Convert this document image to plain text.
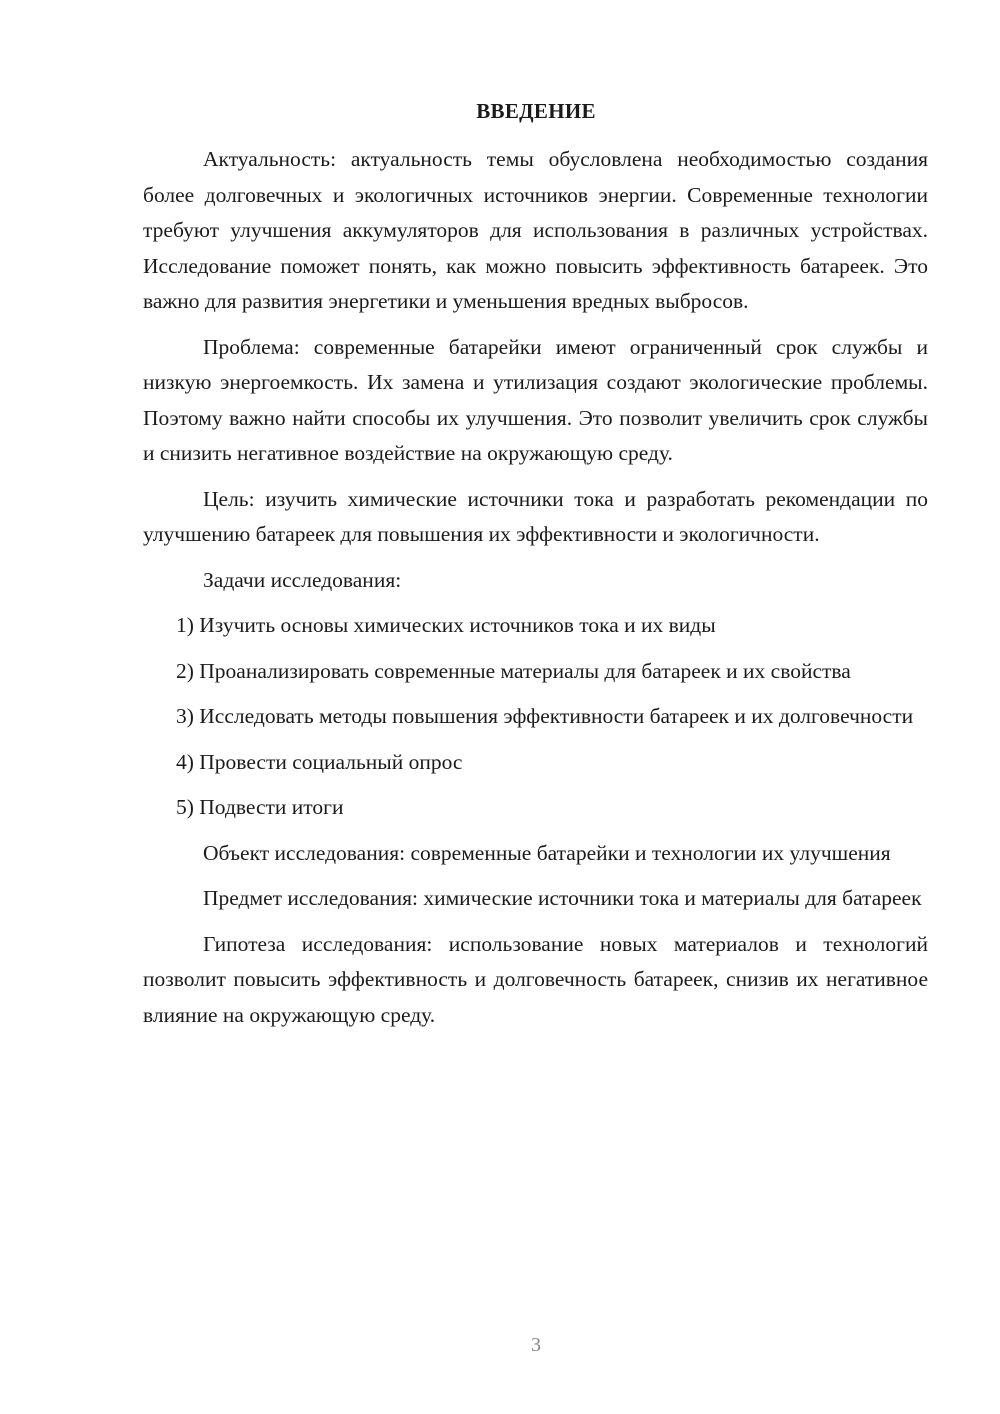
ВВЕДЕНИЕ

Актуальность: актуальность темы обусловлена необходимостью создания более долговечных и экологичных источников энергии. Современные технологии требуют улучшения аккумуляторов для использования в различных устройствах. Исследование поможет понять, как можно повысить эффективность батареек. Это важно для развития энергетики и уменьшения вредных выбросов.

Проблема: современные батарейки имеют ограниченный срок службы и низкую энергоемкость. Их замена и утилизация создают экологические проблемы. Поэтому важно найти способы их улучшения. Это позволит увеличить срок службы и снизить негативное воздействие на окружающую среду.

Цель: изучить химические источники тока и разработать рекомендации по улучшению батареек для повышения их эффективности и экологичности.

Задачи исследования:

1) Изучить основы химических источников тока и их виды

2) Проанализировать современные материалы для батареек и их свойства

3) Исследовать методы повышения эффективности батареек и их долговечности

4) Провести социальный опрос

5) Подвести итоги

Объект исследования: современные батарейки и технологии их улучшения

Предмет исследования: химические источники тока и материалы для батареек

Гипотеза исследования: использование новых материалов и технологий позволит повысить эффективность и долговечность батареек, снизив их негативное влияние на окружающую среду.

3
